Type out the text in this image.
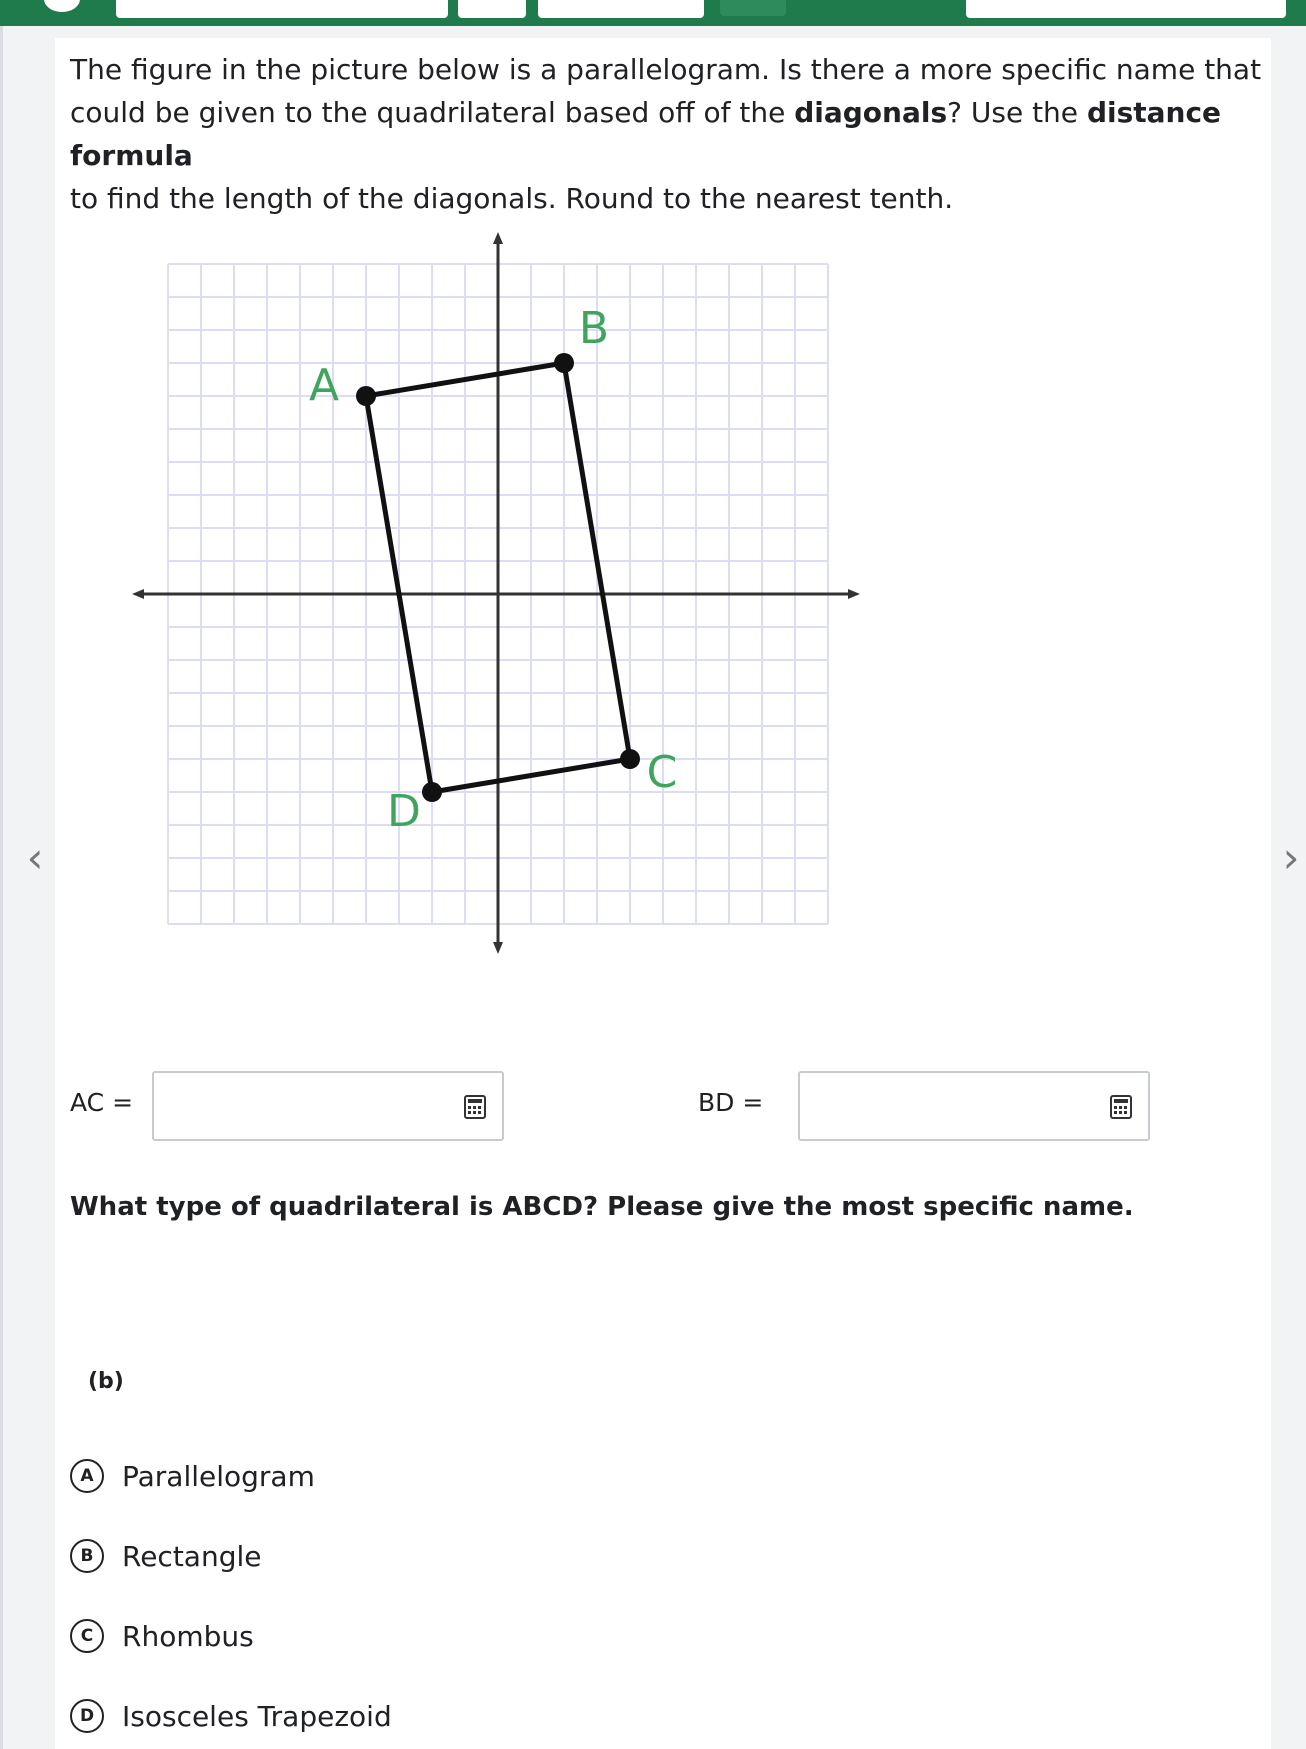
The figure in the picture below is a parallelogram. Is there a more specific name that
could be given to the quadrilateral based off of the diagonals? Use the distance formula
to find the length of the diagonals. Round to the nearest tenth.
‹	›
A
B
C
D
AC =	BD =
What type of quadrilateral is ABCD? Please give the most specific name.
(b)
A	Parallelogram
B	Rectangle
C	Rhombus
D Isosceles Trapezoid
